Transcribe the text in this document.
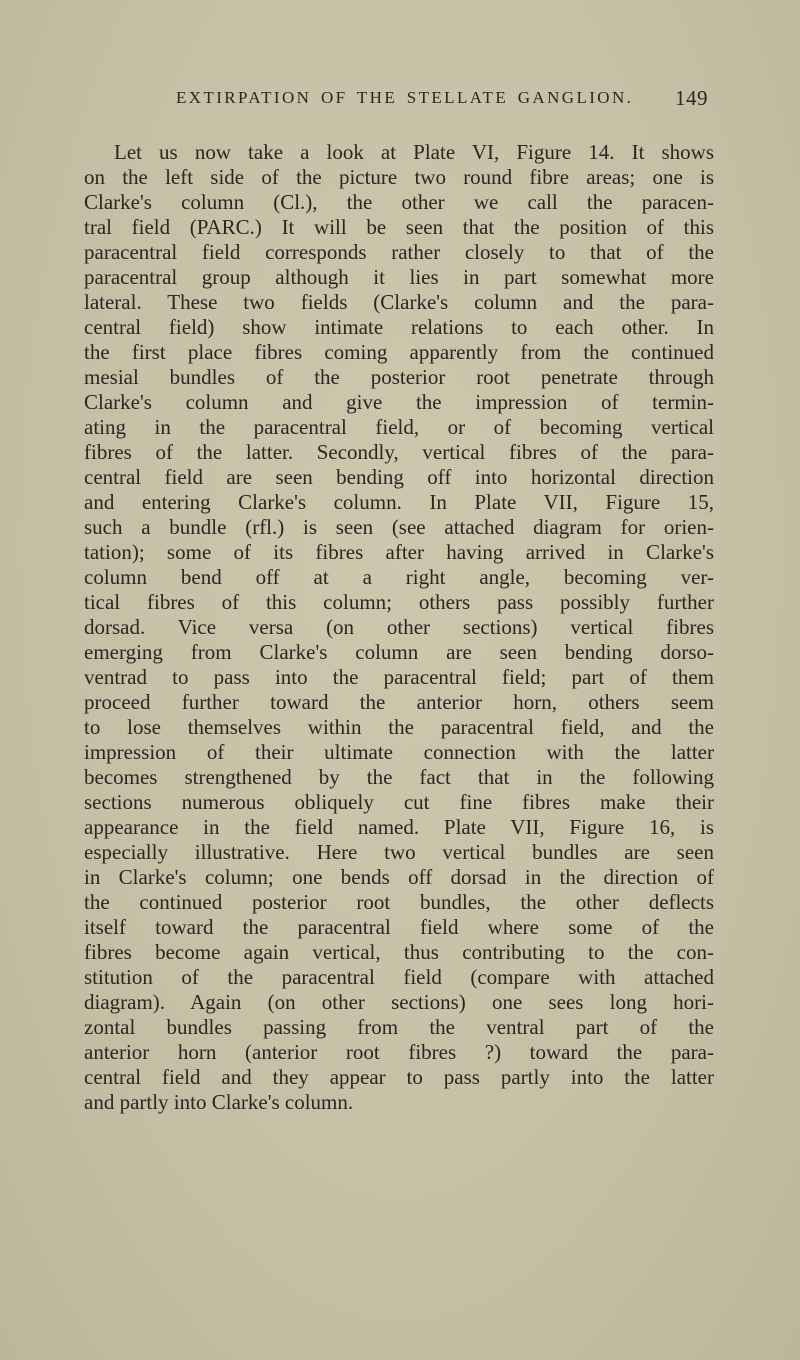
EXTIRPATION OF THE STELLATE GANGLION. 149
Let us now take a look at Plate VI, Figure 14. It shows
on the left side of the picture two round fibre areas; one is
Clarke's column (Cl.), the other we call the paracen-
tral field (PARC.) It will be seen that the position of this
paracentral field corresponds rather closely to that of the
paracentral group although it lies in part somewhat more
lateral. These two fields (Clarke's column and the para-
central field) show intimate relations to each other. In
the first place fibres coming apparently from the continued
mesial bundles of the posterior root penetrate through
Clarke's column and give the impression of termin-
ating in the paracentral field, or of becoming vertical
fibres of the latter. Secondly, vertical fibres of the para-
central field are seen bending off into horizontal direction
and entering Clarke's column. In Plate VII, Figure 15,
such a bundle (rfl.) is seen (see attached diagram for orien-
tation); some of its fibres after having arrived in Clarke's
column bend off at a right angle, becoming ver-
tical fibres of this column; others pass possibly further
dorsad. Vice versa (on other sections) vertical fibres
emerging from Clarke's column are seen bending dorso-
ventrad to pass into the paracentral field; part of them
proceed further toward the anterior horn, others seem
to lose themselves within the paracentral field, and the
impression of their ultimate connection with the latter
becomes strengthened by the fact that in the following
sections numerous obliquely cut fine fibres make their
appearance in the field named. Plate VII, Figure 16, is
especially illustrative. Here two vertical bundles are seen
in Clarke's column; one bends off dorsad in the direction of
the continued posterior root bundles, the other deflects
itself toward the paracentral field where some of the
fibres become again vertical, thus contributing to the con-
stitution of the paracentral field (compare with attached
diagram). Again (on other sections) one sees long hori-
zontal bundles passing from the ventral part of the
anterior horn (anterior root fibres ?) toward the para-
central field and they appear to pass partly into the latter
and partly into Clarke's column.
